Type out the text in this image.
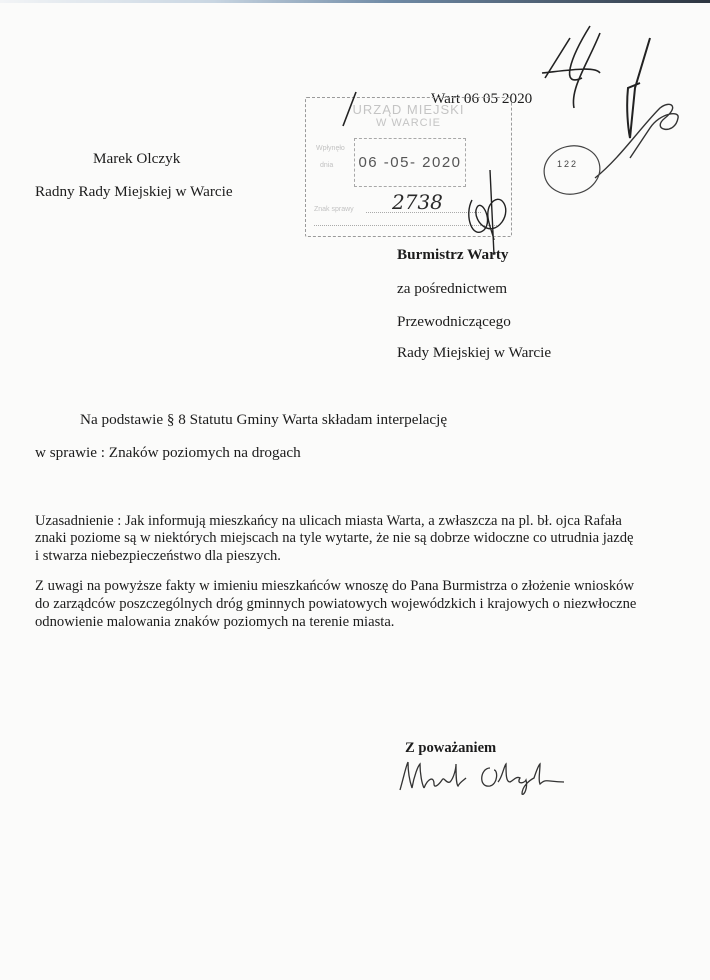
Wart 06 05 2020
Marek Olczyk
Radny Rady Miejskiej w Warcie
URZĄD MIEJSKI
W WARCIE
Wpłynęło
dnia 06 -05- 2020
Znak sprawy 2738
122
Burmistrz Warty
za pośrednictwem
Przewodniczącego
Rady Miejskiej w Warcie
Na podstawie § 8 Statutu Gminy Warta składam interpelację
w sprawie : Znaków poziomych na drogach
Uzasadnienie : Jak informują mieszkańcy na ulicach miasta Warta, a zwłaszcza na pl. bł. ojca Rafała
znaki poziome są w niektórych miejscach na tyle wytarte, że nie są dobrze widoczne co utrudnia jazdę
i stwarza niebezpieczeństwo dla pieszych.
Z uwagi na powyższe fakty w imieniu mieszkańców wnoszę do Pana Burmistrza o złożenie wniosków
do zarządców poszczególnych dróg gminnych powiatowych wojewódzkich i krajowych o niezwłoczne
odnowienie malowania znaków poziomych na terenie miasta.
Z poważaniem
